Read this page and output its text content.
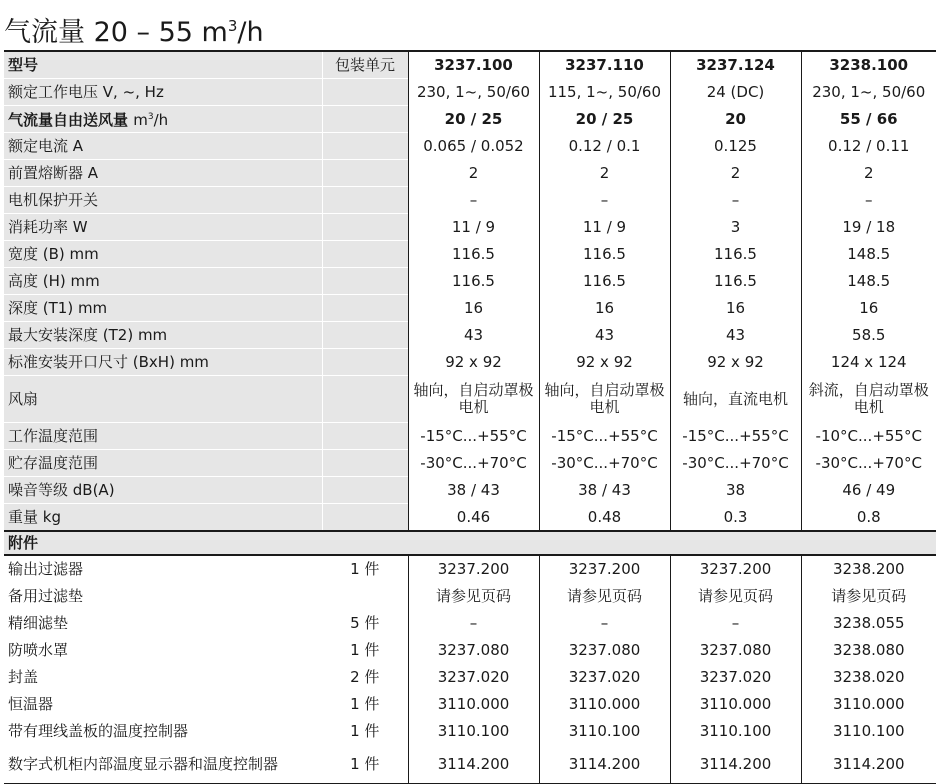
气流量 20 – 55 $m^3/h$
型号	包装单元	3237.100	3237.110	3237.124	3238.100
额定工作电压 V, ~, Hz		230, 1~, 50/60	115, 1~, 50/60	24 (DC)	230, 1~, 50/60
气流量自由送风量 $m^3/h$		20 / 25	20 / 25	20	55 / 66
额定电流 A		0.065 / 0.052	0.12 / 0.1	0.125	0.12 / 0.11
前置熔断器 A		2	2	2	2
电机保护开关		–	–	–	–
消耗功率 W		11 / 9	11 / 9	3	19 / 18
宽度 (B) mm		116.5	116.5	116.5	148.5
高度 (H) mm		116.5	116.5	116.5	148.5
深度 (T1) mm		16	16	16	16
最大安装深度 (T2) mm		43	43	43	58.5
标准安装开口尺寸 (BxH) mm		92 x 92	92 x 92	92 x 92	124 x 124
风扇		轴向，自启动罩极电机	轴向，自启动罩极电机	轴向，直流电机	斜流，自启动罩极电机
工作温度范围		-15°C...+55°C	-15°C...+55°C	-15°C...+55°C	-10°C...+55°C
贮存温度范围		-30°C...+70°C	-30°C...+70°C	-30°C...+70°C	-30°C...+70°C
噪音等级 dB(A)		38 / 43	38 / 43	38	46 / 49
重量 kg		0.46	0.48	0.3	0.8
附件					
输出过滤器	1 件	3237.200	3237.200	3237.200	3238.200
备用过滤垫		请参见页码	请参见页码	请参见页码	请参见页码
精细滤垫	5 件	–	–	–	3238.055
防喷水罩	1 件	3237.080	3237.080	3237.080	3238.080
封盖	2 件	3237.020	3237.020	3237.020	3238.020
恒温器	1 件	3110.000	3110.000	3110.000	3110.000
带有理线盖板的温度控制器	1 件	3110.100	3110.100	3110.100	3110.100
数字式机柜内部温度显示器和温度控制器	1 件	3114.200	3114.200	3114.200	3114.200
